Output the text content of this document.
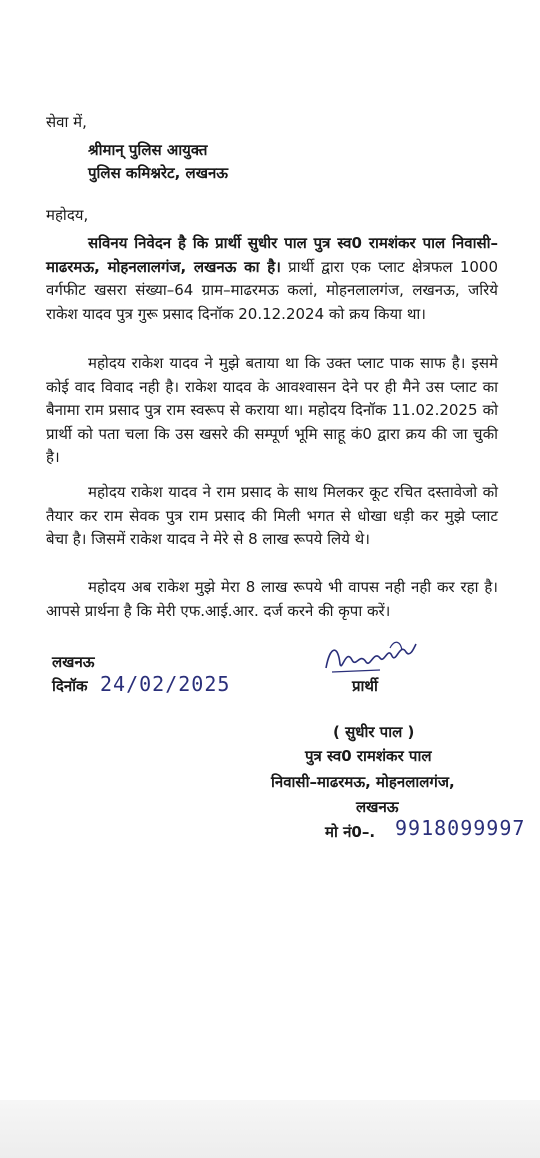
सेवा में,
श्रीमान् पुलिस आयुक्त
पुलिस कमिश्नरेट, लखनऊ
महोदय,
सविनय निवेदन है कि प्रार्थी सुधीर पाल पुत्र स्व0 रामशंकर पाल निवासी–माढरमऊ, मोहनलालगंज, लखनऊ का है। प्रार्थी द्वारा एक प्लाट क्षेत्रफल 1000 वर्गफीट खसरा संख्या–64 ग्राम–माढरमऊ कलां, मोहनलालगंज, लखनऊ, जरिये राकेश यादव पुत्र गुरू प्रसाद दिनॉक 20.12.2024 को क्रय किया था।
महोदय राकेश यादव ने मुझे बताया था कि उक्त प्लाट पाक साफ है। इसमे कोई वाद विवाद नही है। राकेश यादव के आवश्वासन देने पर ही मैने उस प्लाट का बैनामा राम प्रसाद पुत्र राम स्वरूप से कराया था। महोदय दिनॉक 11.02.2025 को प्रार्थी को पता चला कि उस खसरे की सम्पूर्ण भूमि साहू कं0 द्वारा क्रय की जा चुकी है।
महोदय राकेश यादव ने राम प्रसाद के साथ मिलकर कूट रचित दस्तावेजो को तैयार कर राम सेवक पुत्र राम प्रसाद की मिली भगत से धोखा धड़ी कर मुझे प्लाट बेचा है। जिसमें राकेश यादव ने मेरे से 8 लाख रूपये लिये थे।
महोदय अब राकेश मुझे मेरा 8 लाख रूपये भी वापस नही नही कर रहा है। आपसे प्रार्थना है कि मेरी एफ.आई.आर. दर्ज करने की कृपा करें।
लखनऊ
दिनॉक 24/02/2025	प्रार्थी
( सुधीर पाल )
पुत्र स्व0 रामशंकर पाल
निवासी–माढरमऊ, मोहनलालगंज,
लखनऊ
मो नं0–. 9918099997
